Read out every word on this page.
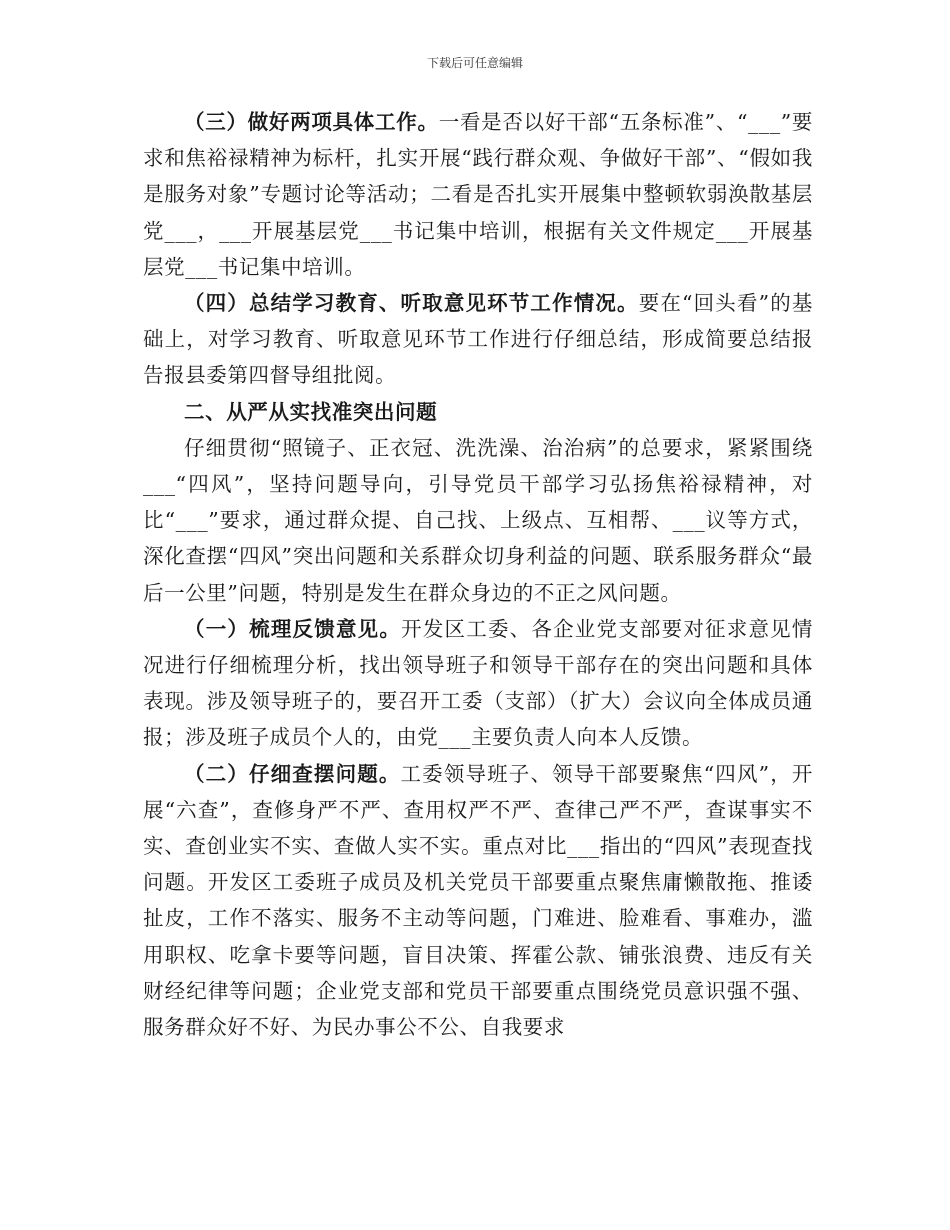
下载后可任意编辑

（三）做好两项具体工作。一看是否以好干部“五条标准”、“___”要求和焦裕禄精神为标杆，扎实开展“践行群众观、争做好干部”、“假如我是服务对象”专题讨论等活动；二看是否扎实开展集中整顿软弱涣散基层党___，___开展基层党___书记集中培训，根据有关文件规定___开展基层党___书记集中培训。

（四）总结学习教育、听取意见环节工作情况。要在“回头看”的基础上，对学习教育、听取意见环节工作进行仔细总结，形成简要总结报告报县委第四督导组批阅。

二、从严从实找准突出问题

仔细贯彻“照镜子、正衣冠、洗洗澡、治治病”的总要求，紧紧围绕___“四风”，坚持问题导向，引导党员干部学习弘扬焦裕禄精神，对比“___”要求，通过群众提、自己找、上级点、互相帮、___议等方式，深化查摆“四风”突出问题和关系群众切身利益的问题、联系服务群众“最后一公里”问题，特别是发生在群众身边的不正之风问题。

（一）梳理反馈意见。开发区工委、各企业党支部要对征求意见情况进行仔细梳理分析，找出领导班子和领导干部存在的突出问题和具体表现。涉及领导班子的，要召开工委（支部）（扩大）会议向全体成员通报；涉及班子成员个人的，由党___主要负责人向本人反馈。

（二）仔细查摆问题。工委领导班子、领导干部要聚焦“四风”，开展“六查”，查修身严不严、查用权严不严、查律己严不严，查谋事实不实、查创业实不实、查做人实不实。重点对比___指出的“四风”表现查找问题。开发区工委班子成员及机关党员干部要重点聚焦庸懒散拖、推诿扯皮，工作不落实、服务不主动等问题，门难进、脸难看、事难办，滥用职权、吃拿卡要等问题，盲目决策、挥霍公款、铺张浪费、违反有关财经纪律等问题；企业党支部和党员干部要重点围绕党员意识强不强、服务群众好不好、为民办事公不公、自我要求
